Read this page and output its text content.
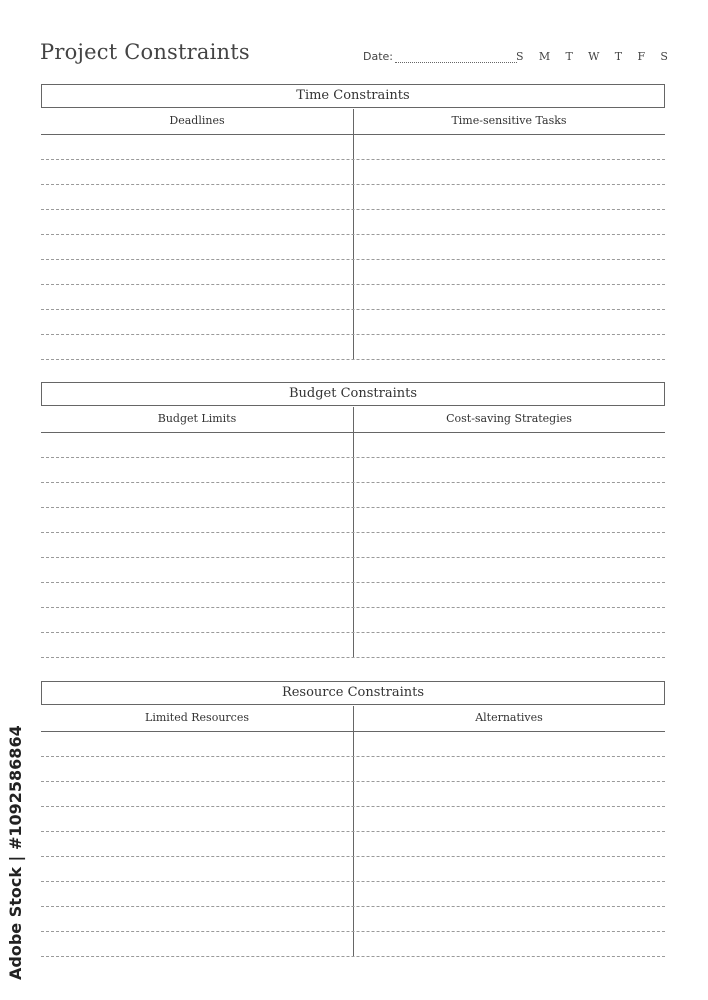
Project Constraints	Date:	S M T W T F S
Time Constraints
Deadlines	Time-sensitive Tasks
Budget Constraints
Budget Limits	Cost-saving Strategies
Resource Constraints
Limited Resources	Alternatives
Adobe Stock | #1092586864
